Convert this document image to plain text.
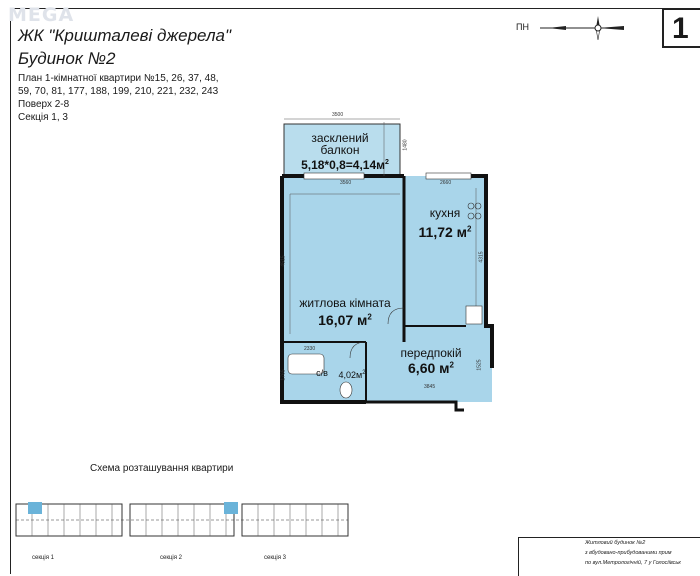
MEGA
ЖК "Кришталеві джерела"
Будинок №2
План 1-кімнатної квартири №15, 26, 37, 48,
59, 70, 81, 177, 188, 199, 210, 221, 232, 243
Поверх 2-8
Секція 1, 3
ПН	1
засклений
балкон
$5,18*0,8=4,14м^2$
кухня
11,72 $м^2$
житлова кімната
16,07 $м^2$
передпокій
6,60 $м^2$
с/в	$4,02м^2$
3500
1480
3560	2660
4515	4315
2330
1765
1525
3845
Схема розташування квартири
секція 1	секція 2	секція 3
Житловий будинок №2
з вбудовано-прибудованими прим
по вул.Метрологічній, 7 у Голосіївськ
